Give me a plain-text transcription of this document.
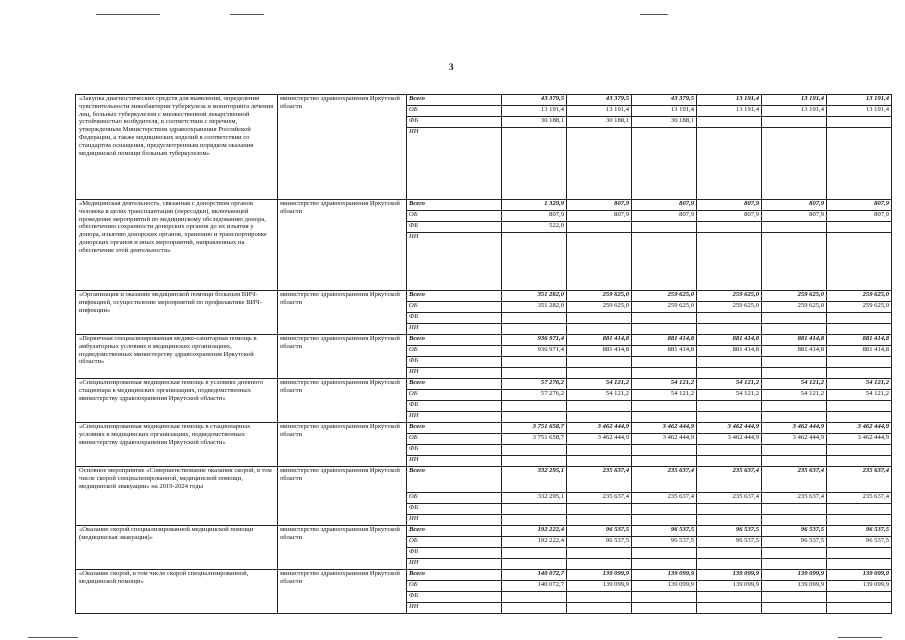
3
«Закупка диагностических средств для выявления, определения чувствительности микобактерии туберкулеза и мониторинга лечения лиц, больных туберкулезом с множественной лекарственной устойчивостью возбудителя, в соответствии с перечнем, утвержденным Министерством здравоохранения Российской Федерации, а также медицинских изделий в соответствии со стандартом оснащения, предусмотренным порядком оказания медицинской помощи больным туберкулезом»	министерство здравоохранения Иркутской области	Всего	43 379,5	43 379,5	43 379,5	13 191,4	13 191,4	13 191,4
		ОБ	13 191,4	13 191,4	13 191,4	13 191,4	13 191,4	13 191,4
		ФБ	30 188,1	30 188,1	30 188,1			
		ИИ						
«Медицинская деятельность, связанная с донорством органов человека в целях трансплантации (пересадки), включающей проведение мероприятий по медицинскому обследованию донора, обеспечению сохранности донорских органов до их изъятия у донора, изъятию донорских органов, хранению и транспортировке донорских органов и иных мероприятий, направленных на обеспечение этой деятельности»	министерство здравоохранения Иркутской области	Всего	1 329,9	807,9	807,9	807,9	807,9	807,9
		ОБ	807,9	807,9	807,9	807,9	807,9	807,9
		ФБ	522,0					
		ИИ						
«Организация и оказание медицинской помощи больным ВИЧ-инфекцией, осуществление мероприятий по профилактике ВИЧ-инфекции»	министерство здравоохранения Иркутской области	Всего	351 282,0	259 625,0	259 625,0	259 625,0	259 625,0	259 625,0
		ОБ	351 282,0	259 625,0	259 625,0	259 625,0	259 625,0	259 625,0
		ФБ						
		ИИ						
«Первичная специализированная медико-санитарная помощь в амбулаторных условиях в медицинских организациях, подведомственных министерству здравоохранения Иркутской области»	министерство здравоохранения Иркутской области	Всего	936 971,4	881 414,8	881 414,8	881 414,8	881 414,8	881 414,8
		ОБ	936 971,4	881 414,8	881 414,8	881 414,8	881 414,8	881 414,8
		ФБ						
		ИИ						
«Специализированная медицинская помощь в условиях дневного стационара в медицинских организациях, подведомственных министерству здравоохранения Иркутской области»	министерство здравоохранения Иркутской области	Всего	57 276,2	54 121,2	54 121,2	54 121,2	54 121,2	54 121,2
		ОБ	57 276,2	54 121,2	54 121,2	54 121,2	54 121,2	54 121,2
		ФБ						
		ИИ						
«Специализированная медицинская помощь в стационарных условиях в медицинских организациях, подведомственных министерству здравоохранения Иркутской области»	министерство здравоохранения Иркутской области	Всего	3 751 658,7	3 462 444,9	3 462 444,9	3 462 444,9	3 462 444,9	3 462 444,9
		ОБ	3 751 658,7	3 462 444,9	3 462 444,9	3 462 444,9	3 462 444,9	3 462 444,9
		ФБ						
		ИИ						
Основное мероприятие «Совершенствование оказания скорой, в том числе скорой специализированной, медицинской помощи, медицинской эвакуации» на 2019-2024 годы	министерство здравоохранения Иркутской области	Всего	332 295,1	235 637,4	235 637,4	235 637,4	235 637,4	235 637,4
		ОБ	332 295,1	235 637,4	235 637,4	235 637,4	235 637,4	235 637,4
		ФБ						
		ИИ						
«Оказание скорой специализированной медицинской помощи (медицинская эвакуация)»	министерство здравоохранения Иркутской области	Всего	192 222,4	96 537,5	96 537,5	96 537,5	96 537,5	96 537,5
		ОБ	192 222,4	96 537,5	96 537,5	96 537,5	96 537,5	96 537,5
		ФБ						
		ИИ						
«Оказание скорой, в том числе скорой специализированной, медицинской помощи»	министерство здравоохранения Иркутской области	Всего	140 072,7	139 099,9	139 099,9	139 099,9	139 099,9	139 099,9
		ОБ	140 072,7	139 099,9	139 099,9	139 099,9	139 099,9	139 099,9
		ФБ						
		ИИ						
